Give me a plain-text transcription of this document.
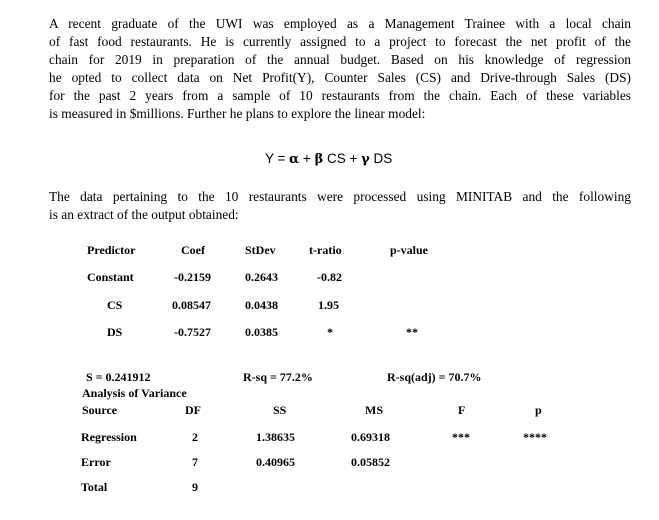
A recent graduate of the UWI was employed as a Management Trainee with a local chain
of fast food restaurants. He is currently assigned to a project to forecast the net profit of the
chain for 2019 in preparation of the annual budget. Based on his knowledge of regression
he opted to collect data on Net Profit(Y), Counter Sales (CS) and Drive-through Sales (DS)
for the past 2 years from a sample of 10 restaurants from the chain. Each of these variables
is measured in $millions. Further he plans to explore the linear model:
Y = α + β CS + γ DS
The data pertaining to the 10 restaurants were processed using MINITAB and the following
is an extract of the output obtained:
Predictor	Coef	StDev	t-ratio	p-value
Constant	-0.2159	0.2643	-0.82
CS	0.08547	0.0438	1.95
DS	-0.7527	0.0385	*	**
S = 0.241912	R-sq = 77.2%	R-sq(adj) = 70.7%
Analysis of Variance
Source	DF	SS	MS	F	p
Regression	2	1.38635	0.69318	***	****
Error	7	0.40965	0.05852
Total	9
